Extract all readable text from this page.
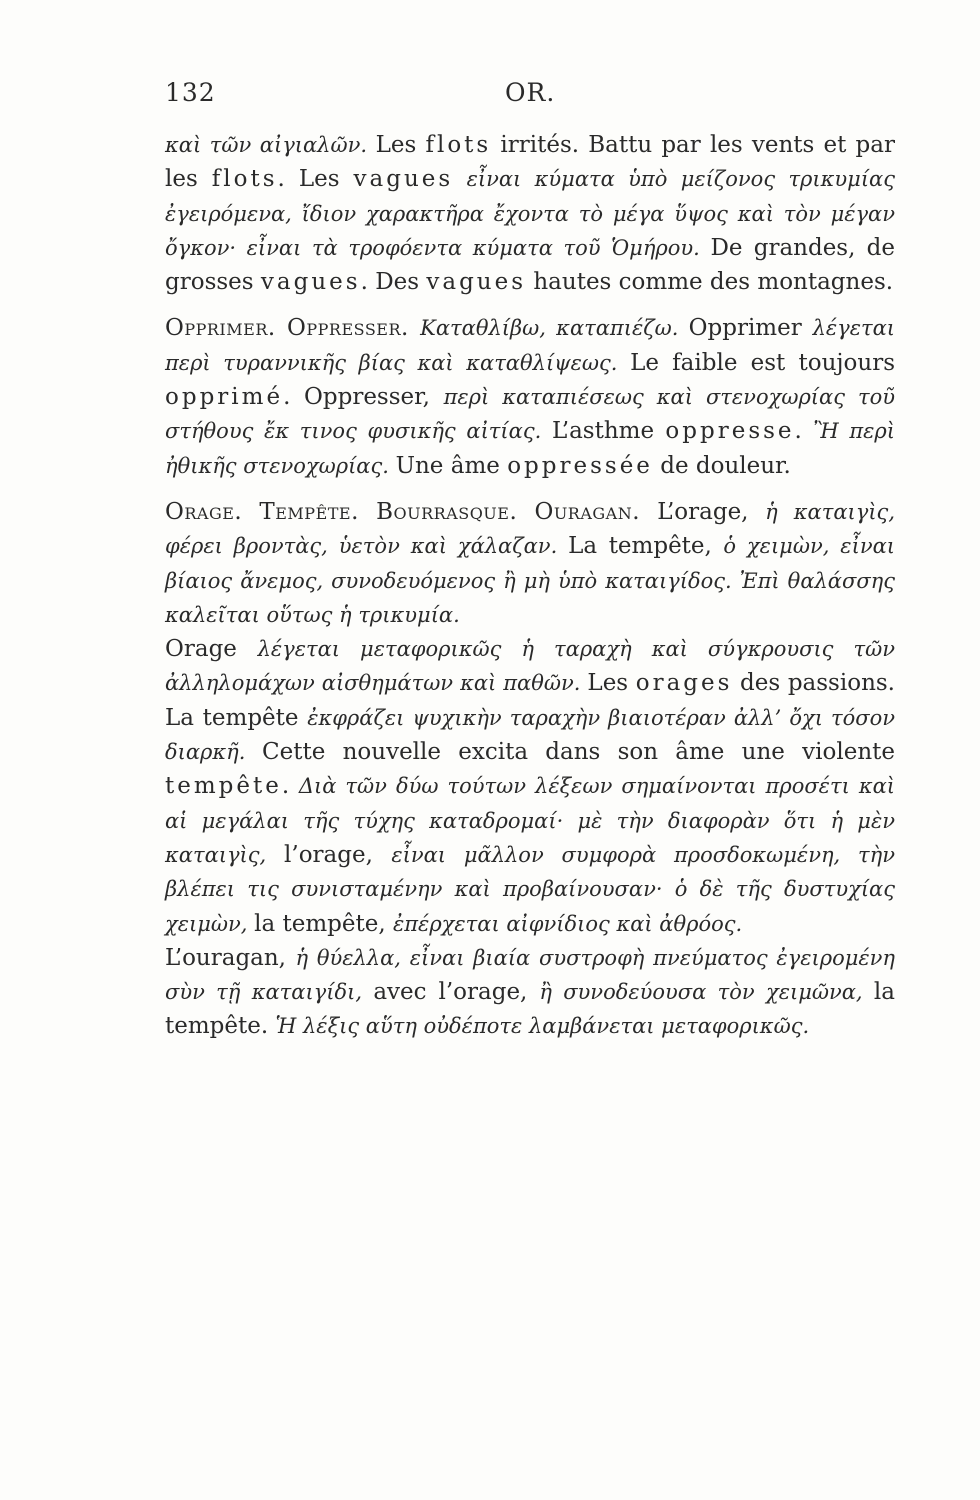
132	OR.

καὶ τῶν αἰγιαλῶν. Les flots irrités. Battu par les vents et par les flots. Les vagues εἶναι κύματα ὑπὸ μείζονος τρικυμίας ἐγειρόμενα, ἴδιον χαρακτῆρα ἔχοντα τὸ μέγα ὕψος καὶ τὸν μέγαν ὄγκον· εἶναι τὰ τροφόεντα κύματα τοῦ Ὁμήρου. De grandes, de grosses vagues. Des vagues hautes comme des montagnes.

Opprimer. Oppresser. Καταθλίβω, καταπιέζω. Opprimer λέγεται περὶ τυραννικῆς βίας καὶ καταθλίψεως. Le faible est toujours opprimé. Oppresser, περὶ καταπιέσεως καὶ στενοχωρίας τοῦ στήθους ἔκ τινος φυσικῆς αἰτίας. L’asthme oppresse. Ἢ περὶ ἠθικῆς στενοχωρίας. Une âme oppressée de douleur.

Orage. Tempête. Bourrasque. Ouragan. L’orage, ἡ καταιγὶς, φέρει βροντὰς, ὑετὸν καὶ χάλαζαν. La tempête, ὁ χειμὼν, εἶναι βίαιος ἄνεμος, συνοδευόμενος ἢ μὴ ὑπὸ καταιγίδος. Ἐπὶ θαλάσσης καλεῖται οὕτως ἡ τρικυμία.

Orage λέγεται μεταφορικῶς ἡ ταραχὴ καὶ σύγκρουσις τῶν ἀλληλομάχων αἰσθημάτων καὶ παθῶν. Les orages des passions. La tempête ἐκφράζει ψυχικὴν ταραχὴν βιαιοτέραν ἀλλ’ ὄχι τόσον διαρκῆ. Cette nouvelle excita dans son âme une violente tempête. Διὰ τῶν δύω τούτων λέξεων σημαίνονται προσέτι καὶ αἱ μεγάλαι τῆς τύχης καταδρομαί· μὲ τὴν διαφορὰν ὅτι ἡ μὲν καταιγὶς, l’orage, εἶναι μᾶλλον συμφορὰ προσδοκωμένη, τὴν βλέπει τις συνισταμένην καὶ προβαίνουσαν· ὁ δὲ τῆς δυστυχίας χειμὼν, la tempête, ἐπέρχεται αἰφνίδιος καὶ ἀθρόος.

L’ouragan, ἡ θύελλα, εἶναι βιαία συστροφὴ πνεύματος ἐγειρομένη σὺν τῇ καταιγίδι, avec l’orage, ἢ συνοδεύουσα τὸν χειμῶνα, la tempête. Ἡ λέξις αὕτη οὐδέποτε λαμβάνεται μεταφορικῶς.
